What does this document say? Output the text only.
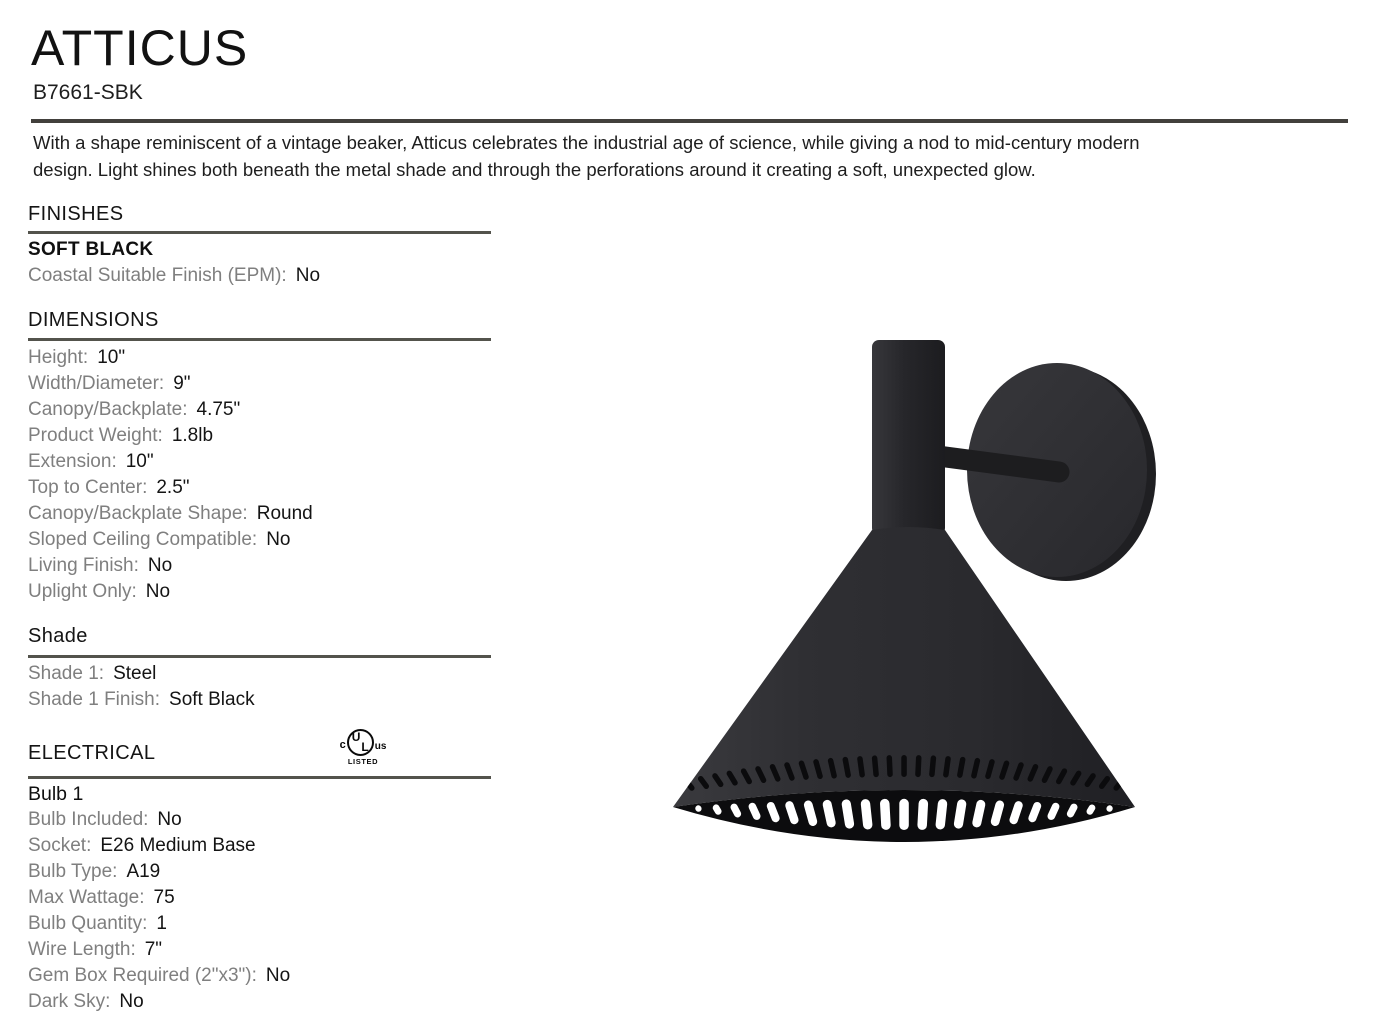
ATTICUS
B7661-SBK
With a shape reminiscent of a vintage beaker, Atticus celebrates the industrial age of science, while giving a nod to mid-century modern
design. Light shines both beneath the metal shade and through the perforations around it creating a soft, unexpected glow.
FINISHES
SOFT BLACK
Coastal Suitable Finish (EPM): No
DIMENSIONS
Height: 10"
Width/Diameter: 9"
Canopy/Backplate: 4.75"
Product Weight: 1.8lb
Extension: 10"
Top to Center: 2.5"
Canopy/Backplate Shape: Round
Sloped Ceiling Compatible: No
Living Finish: No
Uplight Only: No
Shade
Shade 1: Steel
Shade 1 Finish: Soft Black
ELECTRICAL	c
U
L us
LISTED
Bulb 1
Bulb Included: No
Socket: E26 Medium Base
Bulb Type: A19
Max Wattage: 75
Bulb Quantity: 1
Wire Length: 7"
Gem Box Required (2"x3"): No
Dark Sky: No
